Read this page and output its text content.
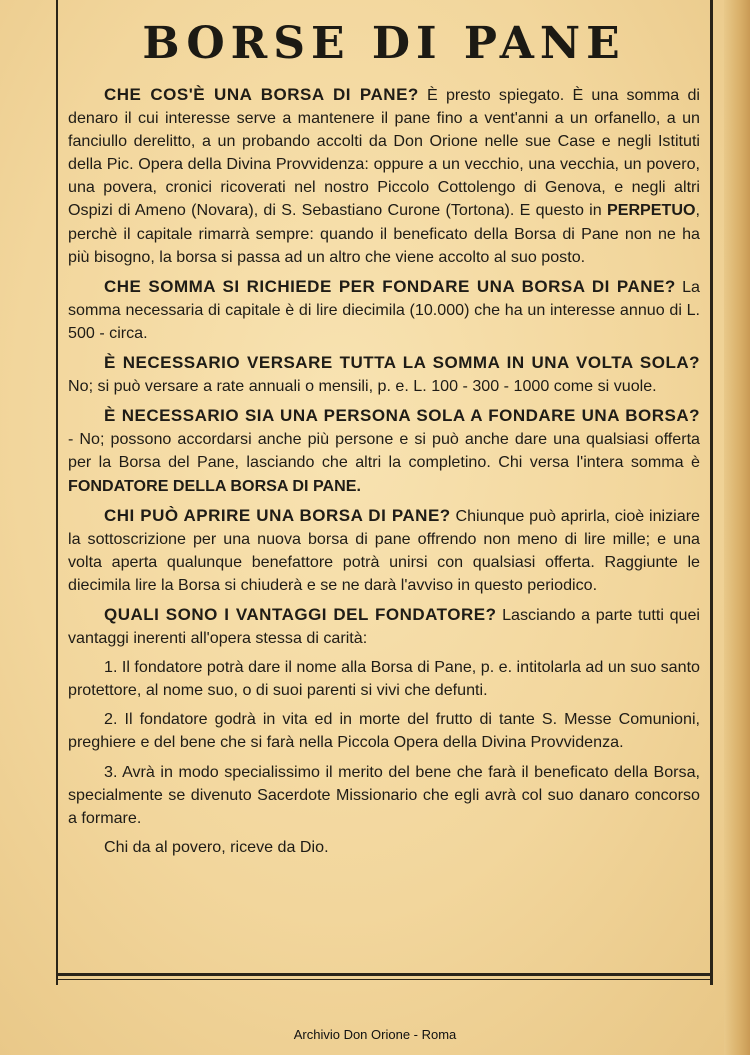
BORSE DI PANE

CHE COS'È UNA BORSA DI PANE? È presto spiegato. È una somma di denaro il cui interesse serve a mantenere il pane fino a vent'anni a un orfanello, a un fanciullo derelitto, a un probando accolti da Don Orione nelle sue Case e negli Istituti della Pic. Opera della Divina Provvidenza: oppure a un vecchio, una vecchia, un povero, una povera, cronici ricoverati nel nostro Piccolo Cottolengo di Genova, e negli altri Ospizi di Ameno (Novara), di S. Sebastiano Curone (Tortona). E questo in PERPETUO, perchè il capitale rimarrà sempre: quando il beneficato della Borsa di Pane non ne ha più bisogno, la borsa si passa ad un altro che viene accolto al suo posto.

CHE SOMMA SI RICHIEDE PER FONDARE UNA BORSA DI PANE? La somma necessaria di capitale è di lire diecimila (10.000) che ha un interesse annuo di L. 500 - circa.

È NECESSARIO VERSARE TUTTA LA SOMMA IN UNA VOLTA SOLA? No; si può versare a rate annuali o mensili, p. e. L. 100 - 300 - 1000 come si vuole.

È NECESSARIO SIA UNA PERSONA SOLA A FONDARE UNA BORSA? - No; possono accordarsi anche più persone e si può anche dare una qualsiasi offerta per la Borsa del Pane, lasciando che altri la completino. Chi versa l'intera somma è FONDATORE DELLA BORSA DI PANE.

CHI PUÒ APRIRE UNA BORSA DI PANE? Chiunque può aprirla, cioè iniziare la sottoscrizione per una nuova borsa di pane offrendo non meno di lire mille; e una volta aperta qualunque benefattore potrà unirsi con qualsiasi offerta. Raggiunte le diecimila lire la Borsa si chiuderà e se ne darà l'avviso in questo periodico.

QUALI SONO I VANTAGGI DEL FONDATORE? Lasciando a parte tutti quei vantaggi inerenti all'opera stessa di carità:

1. Il fondatore potrà dare il nome alla Borsa di Pane, p. e. intitolarla ad un suo santo protettore, al nome suo, o di suoi parenti si vivi che defunti.

2. Il fondatore godrà in vita ed in morte del frutto di tante S. Messe Comunioni, preghiere e del bene che si farà nella Piccola Opera della Divina Provvidenza.

3. Avrà in modo specialissimo il merito del bene che farà il beneficato della Borsa, specialmente se divenuto Sacerdote Missionario che egli avrà col suo danaro concorso a formare.

Chi da al povero, riceve da Dio.

Archivio Don Orione - Roma
